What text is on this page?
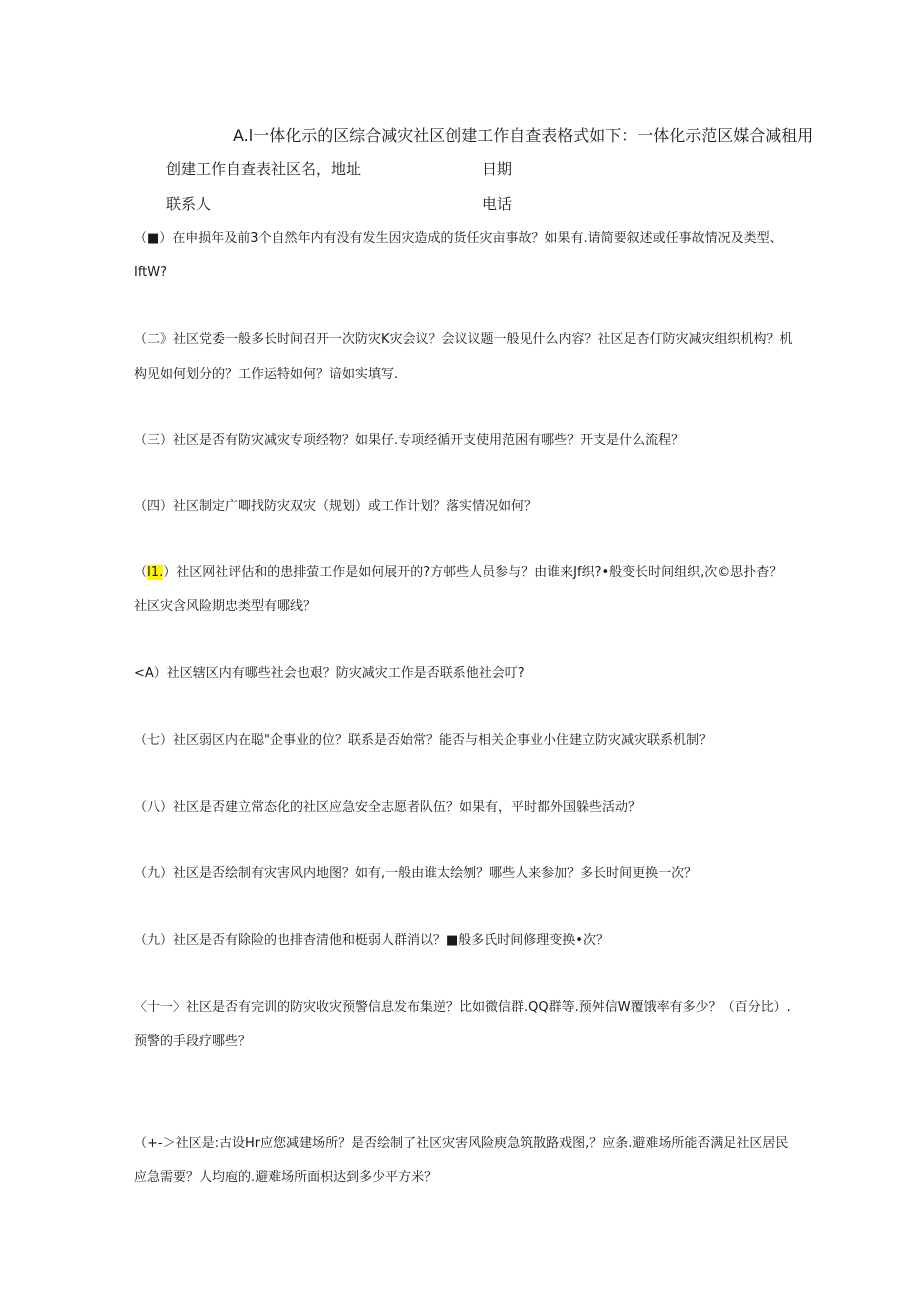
A.l一体化示的区综合减灾社区创建工作自查表格式如下：一体化示范区媒合减租用
创建工作自查表社区名，地址	日期
联系人	电话
（■）在申损年及前3个自然年内有没有发生因灾造成的货任灾亩事故？如果有.请简要叙述或任事故情况及类型、
IftW?
（二》社区党委一般多长时间召开一次防灾K灾会议？会议议题一般见什么内容？社区足杏仃防灾减灾组织机构？机
构见如何划分的？工作运特如何？谙如实填写.
（三）社区是否有防灾减灾专项经物？如果仔.专项经循开支使用范困有哪些？开支是什么流程？
（四）社区制定广唧找防灾双灾（规划）或工作计划？落实情况如何？
（I1.）社区网社评估和的患排萤工作是如何展开的?方邨些人员参与？由谁来Jf织?•般变长时间组织,次©思扑杳？
社区灾含风险期忠类型有哪线？
<A）社区辖区内有哪些社会也艰？防灾减灾工作是否联系他社会叮?
（七）社区弱区内在聪"企事业的位？联系是否始常？能否与相关企事业小住建立防灾减灾联系机制？
（八）社区是否建立常态化的社区应急安全志愿者队伍？如果有，平时都外国躲些活动？
（九）社区是否绘制有灾害风内地图？如有,一般由谁太绘刎？哪些人来参加？多长时间更换一次？
（九）社区是否有除险的也排杳清他和梃弱人群消以？■般多氏时间修理变换•次？
〈十一〉社区是否有完训的防灾收灾预警信息发布集逆？比如微信群.QQ群等.预舛信W覆饿率有多少？（百分比）.
预警的手段疗哪些？
（+-＞社区是:古设Hr应您减建场所？是否绘制了社区灾害风险庾急筑散路戏图,？应条.避难场所能否满足社区居民
应急需要？人均庖的.避难场所面枳达到多少平方米？
